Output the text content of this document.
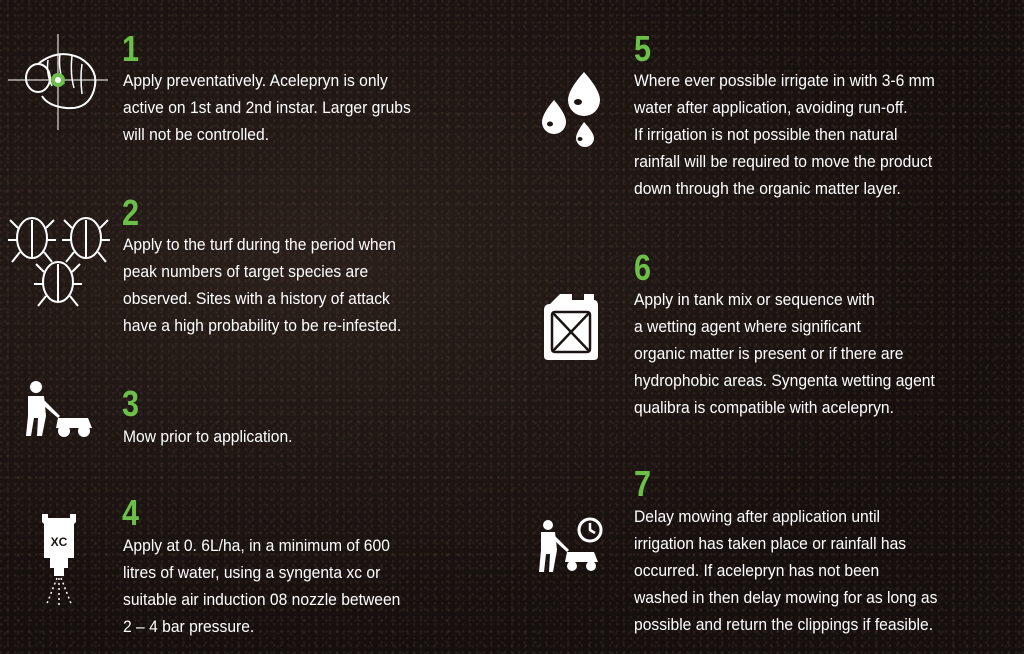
1
Apply preventatively. Acelepryn is only
active on 1st and 2nd instar. Larger grubs
will not be controlled.
2
Apply to the turf during the period when
peak numbers of target species are
observed. Sites with a history of attack
have a high probability to be re-infested.
3
Mow prior to application.
XC
4
Apply at 0. 6L/ha, in a minimum of 600
litres of water, using a syngenta xc or
suitable air induction 08 nozzle between
2 – 4 bar pressure.
5
Where ever possible irrigate in with 3-6 mm
water after application, avoiding run-off.
If irrigation is not possible then natural
rainfall will be required to move the product
down through the organic matter layer.
6
Apply in tank mix or sequence with
a wetting agent where significant
organic matter is present or if there are
hydrophobic areas. Syngenta wetting agent
qualibra is compatible with acelepryn.
7
Delay mowing after application until
irrigation has taken place or rainfall has
occurred. If acelepryn has not been
washed in then delay mowing for as long as
possible and return the clippings if feasible.
